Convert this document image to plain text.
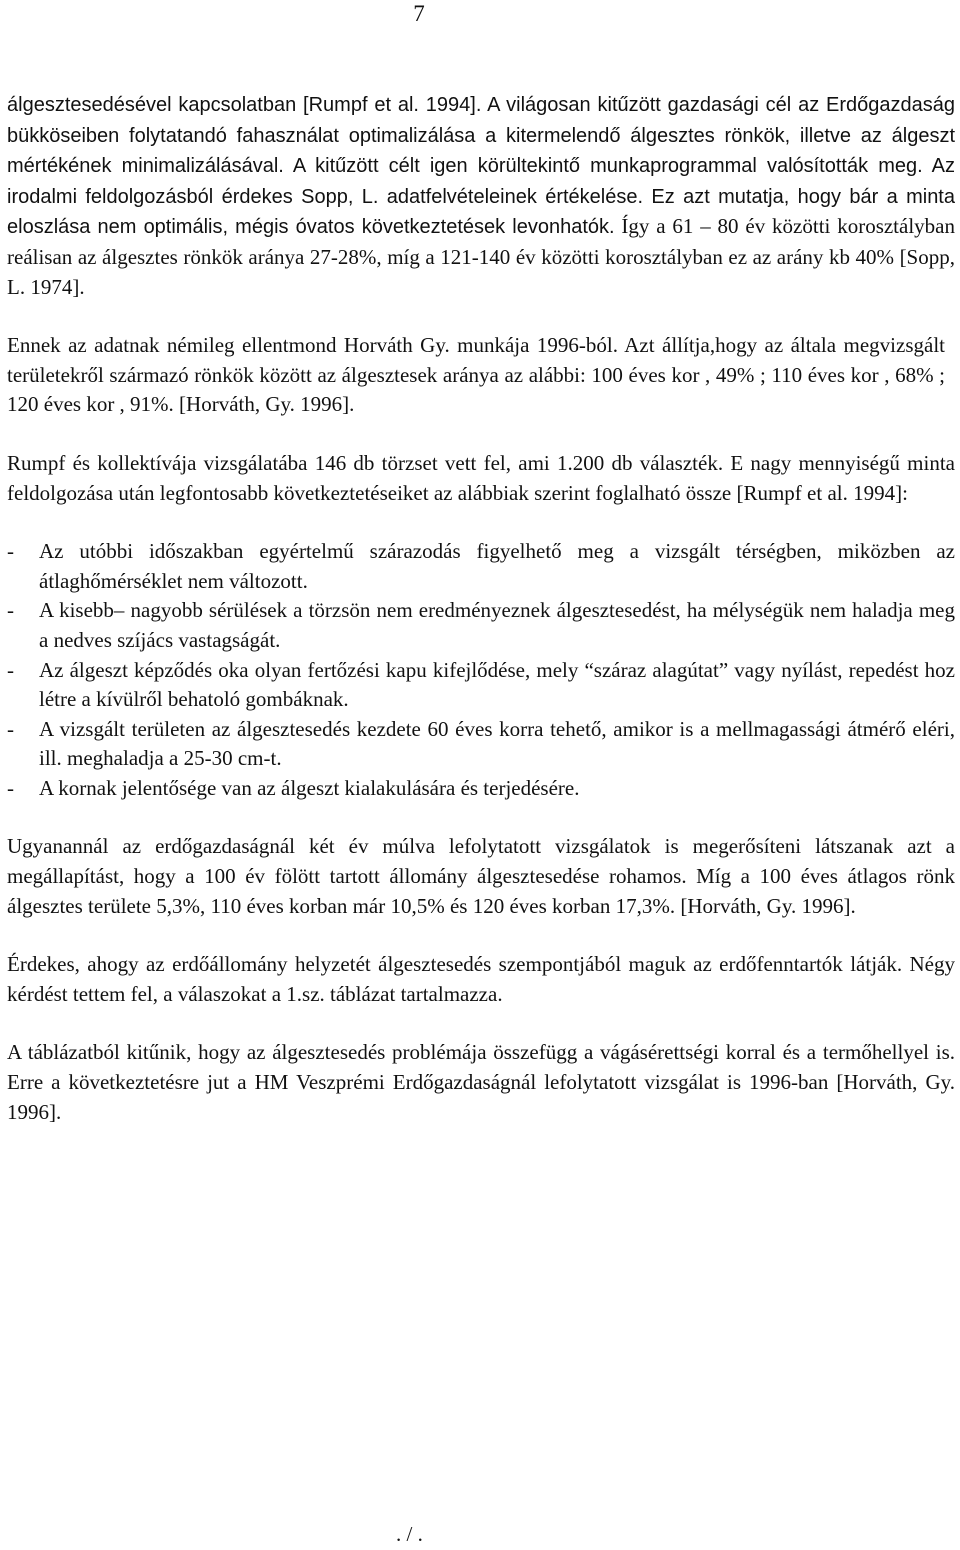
7

álgesztesedésével kapcsolatban [Rumpf et al. 1994]. A világosan kitűzött gazdasági cél az Erdőgazdaság bükköseiben folytatandó fahasználat optimalizálása a kitermelendő álgesztes rönkök, illetve az álgeszt mértékének minimalizálásával. A kitűzött célt igen körültekintő munkaprogrammal valósították meg. Az irodalmi feldolgozásból érdekes Sopp, L. adatfelvételeinek értékelése. Ez azt mutatja, hogy bár a minta eloszlása nem optimális, mégis óvatos következtetések levonhatók. Így a 61 – 80 év közötti korosztályban reálisan az álgesztes rönkök aránya 27-28%, míg a 121-140 év közötti korosztályban ez az arány kb 40% [Sopp, L. 1974].

Ennek az adatnak némileg ellentmond Horváth Gy. munkája 1996-ból. Azt állítja,hogy az általa megvizsgált területekről származó rönkök között az álgesztesek aránya az alábbi: 100 éves kor , 49% ; 110 éves kor , 68% ; 120 éves kor , 91%. [Horváth, Gy. 1996].

Rumpf és kollektívája vizsgálatába 146 db törzset vett fel, ami 1.200 db választék. E nagy mennyiségű minta feldolgozása után legfontosabb következtetéseiket az alábbiak szerint foglalható össze [Rumpf et al. 1994]:

- Az utóbbi időszakban egyértelmű szárazodás figyelhető meg a vizsgált térségben, miközben az átlaghőmérséklet nem változott.
- A kisebb– nagyobb sérülések a törzsön nem eredményeznek álgesztesedést, ha mélységük nem haladja meg a nedves szíjács vastagságát.
- Az álgeszt képződés oka olyan fertőzési kapu kifejlődése, mely “száraz alagútat” vagy nyílást, repedést hoz létre a kívülről behatoló gombáknak.
- A vizsgált területen az álgesztesedés kezdete 60 éves korra tehető, amikor is a mellmagassági átmérő eléri, ill. meghaladja a 25-30 cm-t.
- A kornak jelentősége van az álgeszt kialakulására és terjedésére.

Ugyanannál az erdőgazdaságnál két év múlva lefolytatott vizsgálatok is megerősíteni látszanak azt a megállapítást, hogy a 100 év fölött tartott állomány álgesztesedése rohamos. Míg a 100 éves átlagos rönk álgesztes területe 5,3%, 110 éves korban már 10,5% és 120 éves korban 17,3%. [Horváth, Gy. 1996].

Érdekes, ahogy az erdőállomány helyzetét álgesztesedés szempontjából maguk az erdőfenntartók látják. Négy kérdést tettem fel, a válaszokat a 1.sz. táblázat tartalmazza.

A táblázatból kitűnik, hogy az álgesztesedés problémája összefügg a vágásérettségi korral és a termőhellyel is. Erre a következtetésre jut a HM Veszprémi Erdőgazdaságnál lefolytatott vizsgálat is 1996-ban [Horváth, Gy. 1996].

. / .
